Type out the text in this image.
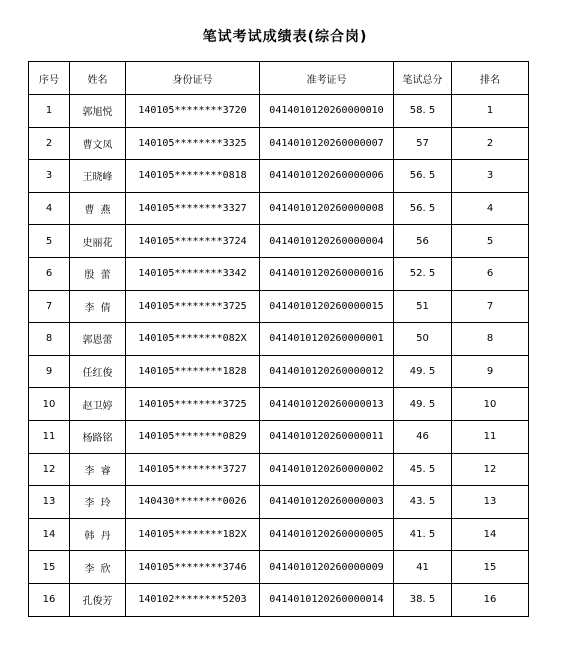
笔试考试成绩表(综合岗)
序号	姓名	身份证号	准考证号	笔试总分	排名
1	郭旭悦	140105********3720	0414010120260000010	58. 5	1
2	曹文凤	140105********3325	0414010120260000007	57	2
3	王晓峰	140105********0818	0414010120260000006	56. 5	3
4	曹  燕	140105********3327	0414010120260000008	56. 5	4
5	史丽花	140105********3724	0414010120260000004	56	5
6	殷  蕾	140105********3342	0414010120260000016	52. 5	6
7	李  倩	140105********3725	0414010120260000015	51	7
8	郭恩蕾	140105********082X	0414010120260000001	50	8
9	任红俊	140105********1828	0414010120260000012	49. 5	9
10	赵卫婷	140105********3725	0414010120260000013	49. 5	10
11	杨路铭	140105********0829	0414010120260000011	46	11
12	李  睿	140105********3727	0414010120260000002	45. 5	12
13	李  玲	140430********0026	0414010120260000003	43. 5	13
14	韩  丹	140105********182X	0414010120260000005	41. 5	14
15	李  欣	140105********3746	0414010120260000009	41	15
16	孔俊芳	140102********5203	0414010120260000014	38. 5	16
